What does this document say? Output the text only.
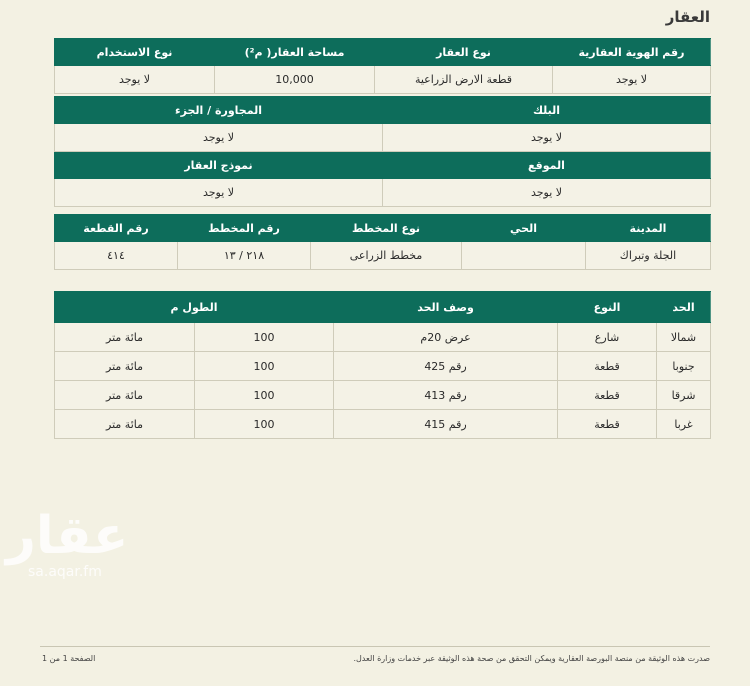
العقار
رقم الهوية العقارية	نوع العقار	مساحة العقار( م²)	نوع الاستخدام
لا يوجد	قطعة الارض الزراعية	10,000	لا يوجد
البلك	المجاورة / الجزء
لا يوجد	لا يوجد
الموقع	نموذج العقار
لا يوجد	لا يوجد
المدينة	الحي	نوع المخطط	رقم المخطط	رقم القطعة
الجلة وتبراك		مخطط الزراعى	٢١٨ / ١٣	٤١٤
الحد	النوع	وصف الحد	الطول م	
شمالا	شارع	عرض 20م	100	مائة متر
جنوبا	قطعة	رقم 425	100	مائة متر
شرقا	قطعة	رقم 413	100	مائة متر
غربا	قطعة	رقم 415	100	مائة متر
عقار
sa.aqar.fm
صدرت هذه الوثيقة من منصة البورصة العقارية ويمكن التحقق من صحة هذه الوثيقة عبر خدمات وزارة العدل.
الصفحة 1 من 1
